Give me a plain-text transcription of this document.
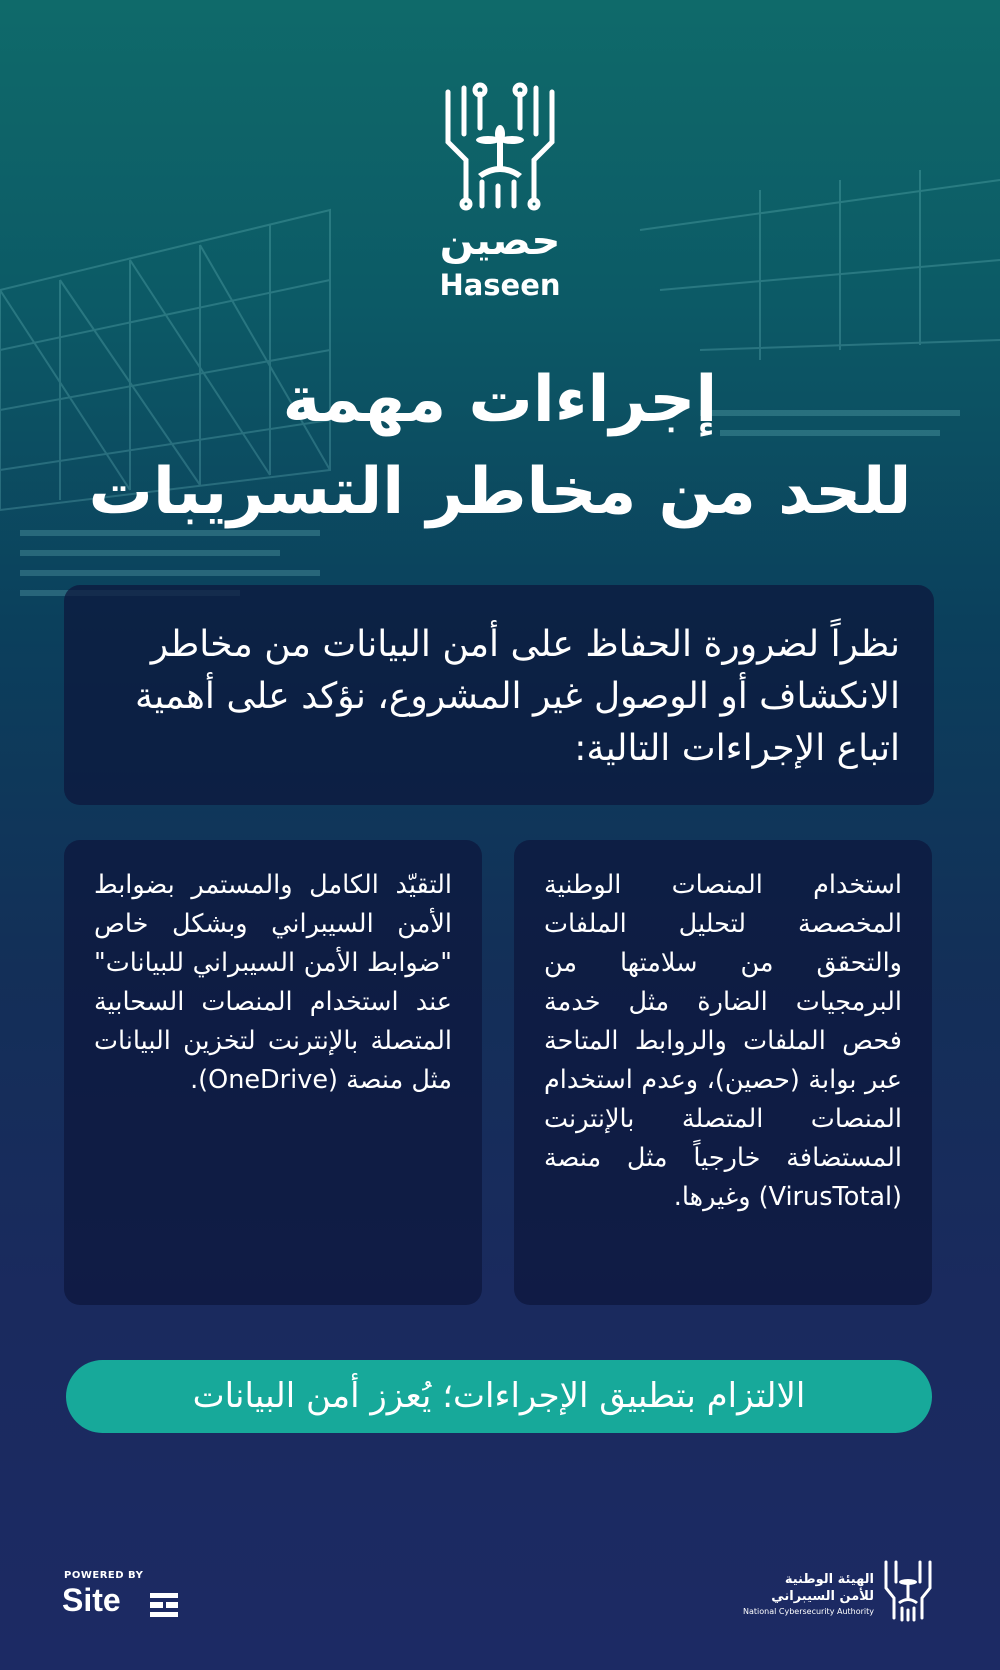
حصين
Haseen
إجراءات مهمة
للحد من مخاطر التسريبات
نظراً لضرورة الحفاظ على أمن البيانات من مخاطر الانكشاف أو الوصول غير المشروع، نؤكد على أهمية اتباع الإجراءات التالية:
استخدام المنصات الوطنية المخصصة لتحليل الملفات والتحقق من سلامتها من البرمجيات الضارة مثل خدمة فحص الملفات والروابط المتاحة عبر بوابة (حصين)، وعدم استخدام المنصات المتصلة بالإنترنت المستضافة خارجياً مثل منصة (VirusTotal) وغيرها.
التقيّد الكامل والمستمر بضوابط الأمن السيبراني وبشكل خاص "ضوابط الأمن السيبراني للبيانات" عند استخدام المنصات السحابية المتصلة بالإنترنت لتخزين البيانات مثل منصة (OneDrive).
الالتزام بتطبيق الإجراءات؛ يُعزز أمن البيانات
POWERED BY
Site
الهيئة الوطنية
للأمن السيبراني
National Cybersecurity Authority
